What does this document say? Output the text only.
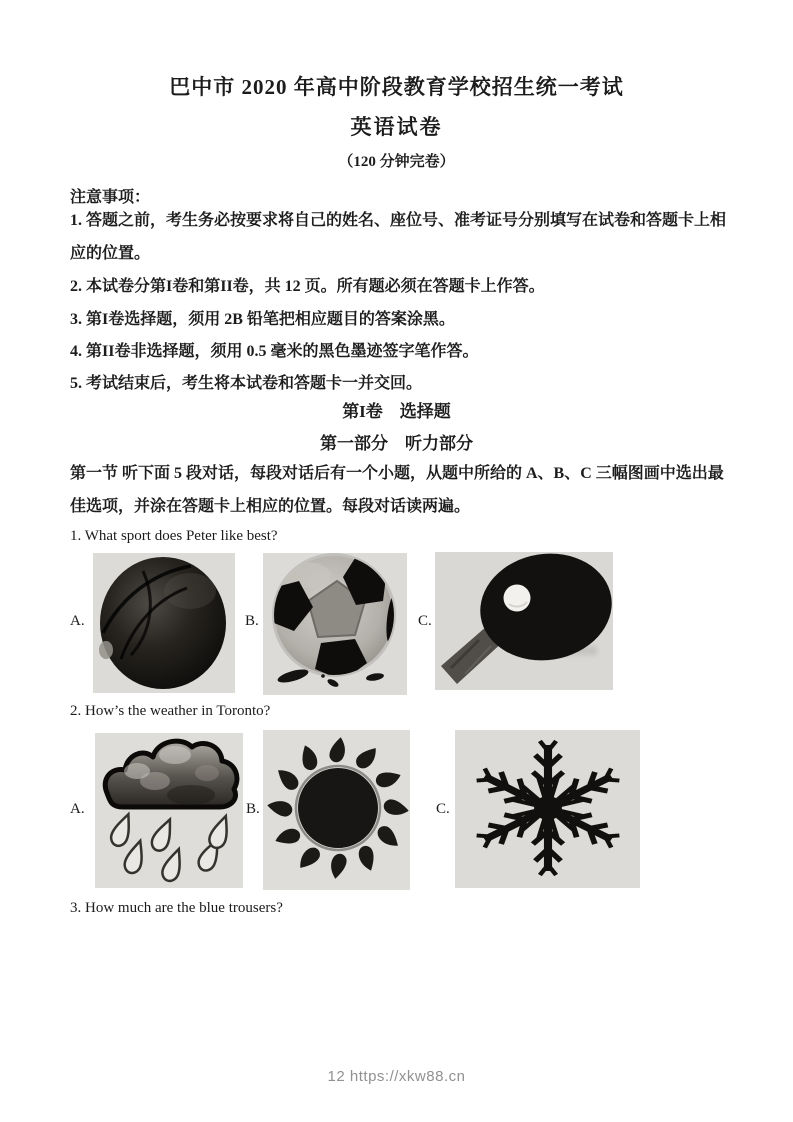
巴中市 2020 年高中阶段教育学校招生统一考试
英语试卷
（120 分钟完卷）
注意事项：
1. 答题之前，考生务必按要求将自己的姓名、座位号、准考证号分别填写在试卷和答题卡上相应的位置。
2. 本试卷分第I卷和第II卷，共 12 页。所有题必须在答题卡上作答。
3. 第I卷选择题，须用 2B 铅笔把相应题目的答案涂黑。
4. 第II卷非选择题，须用 0.5 毫米的黑色墨迹签字笔作答。
5. 考试结束后，考生将本试卷和答题卡一并交回。
第I卷　选择题
第一部分　听力部分
第一节 听下面 5 段对话，每段对话后有一个小题，从题中所给的 A、B、C 三幅图画中选出最佳选项，并涂在答题卡上相应的位置。每段对话读两遍。
1. What sport does Peter like best?
A.	B.	C.
2. How’s the weather in Toronto?
A.	B.	C.
3. How much are the blue trousers?
12 https://xkw88.cn
